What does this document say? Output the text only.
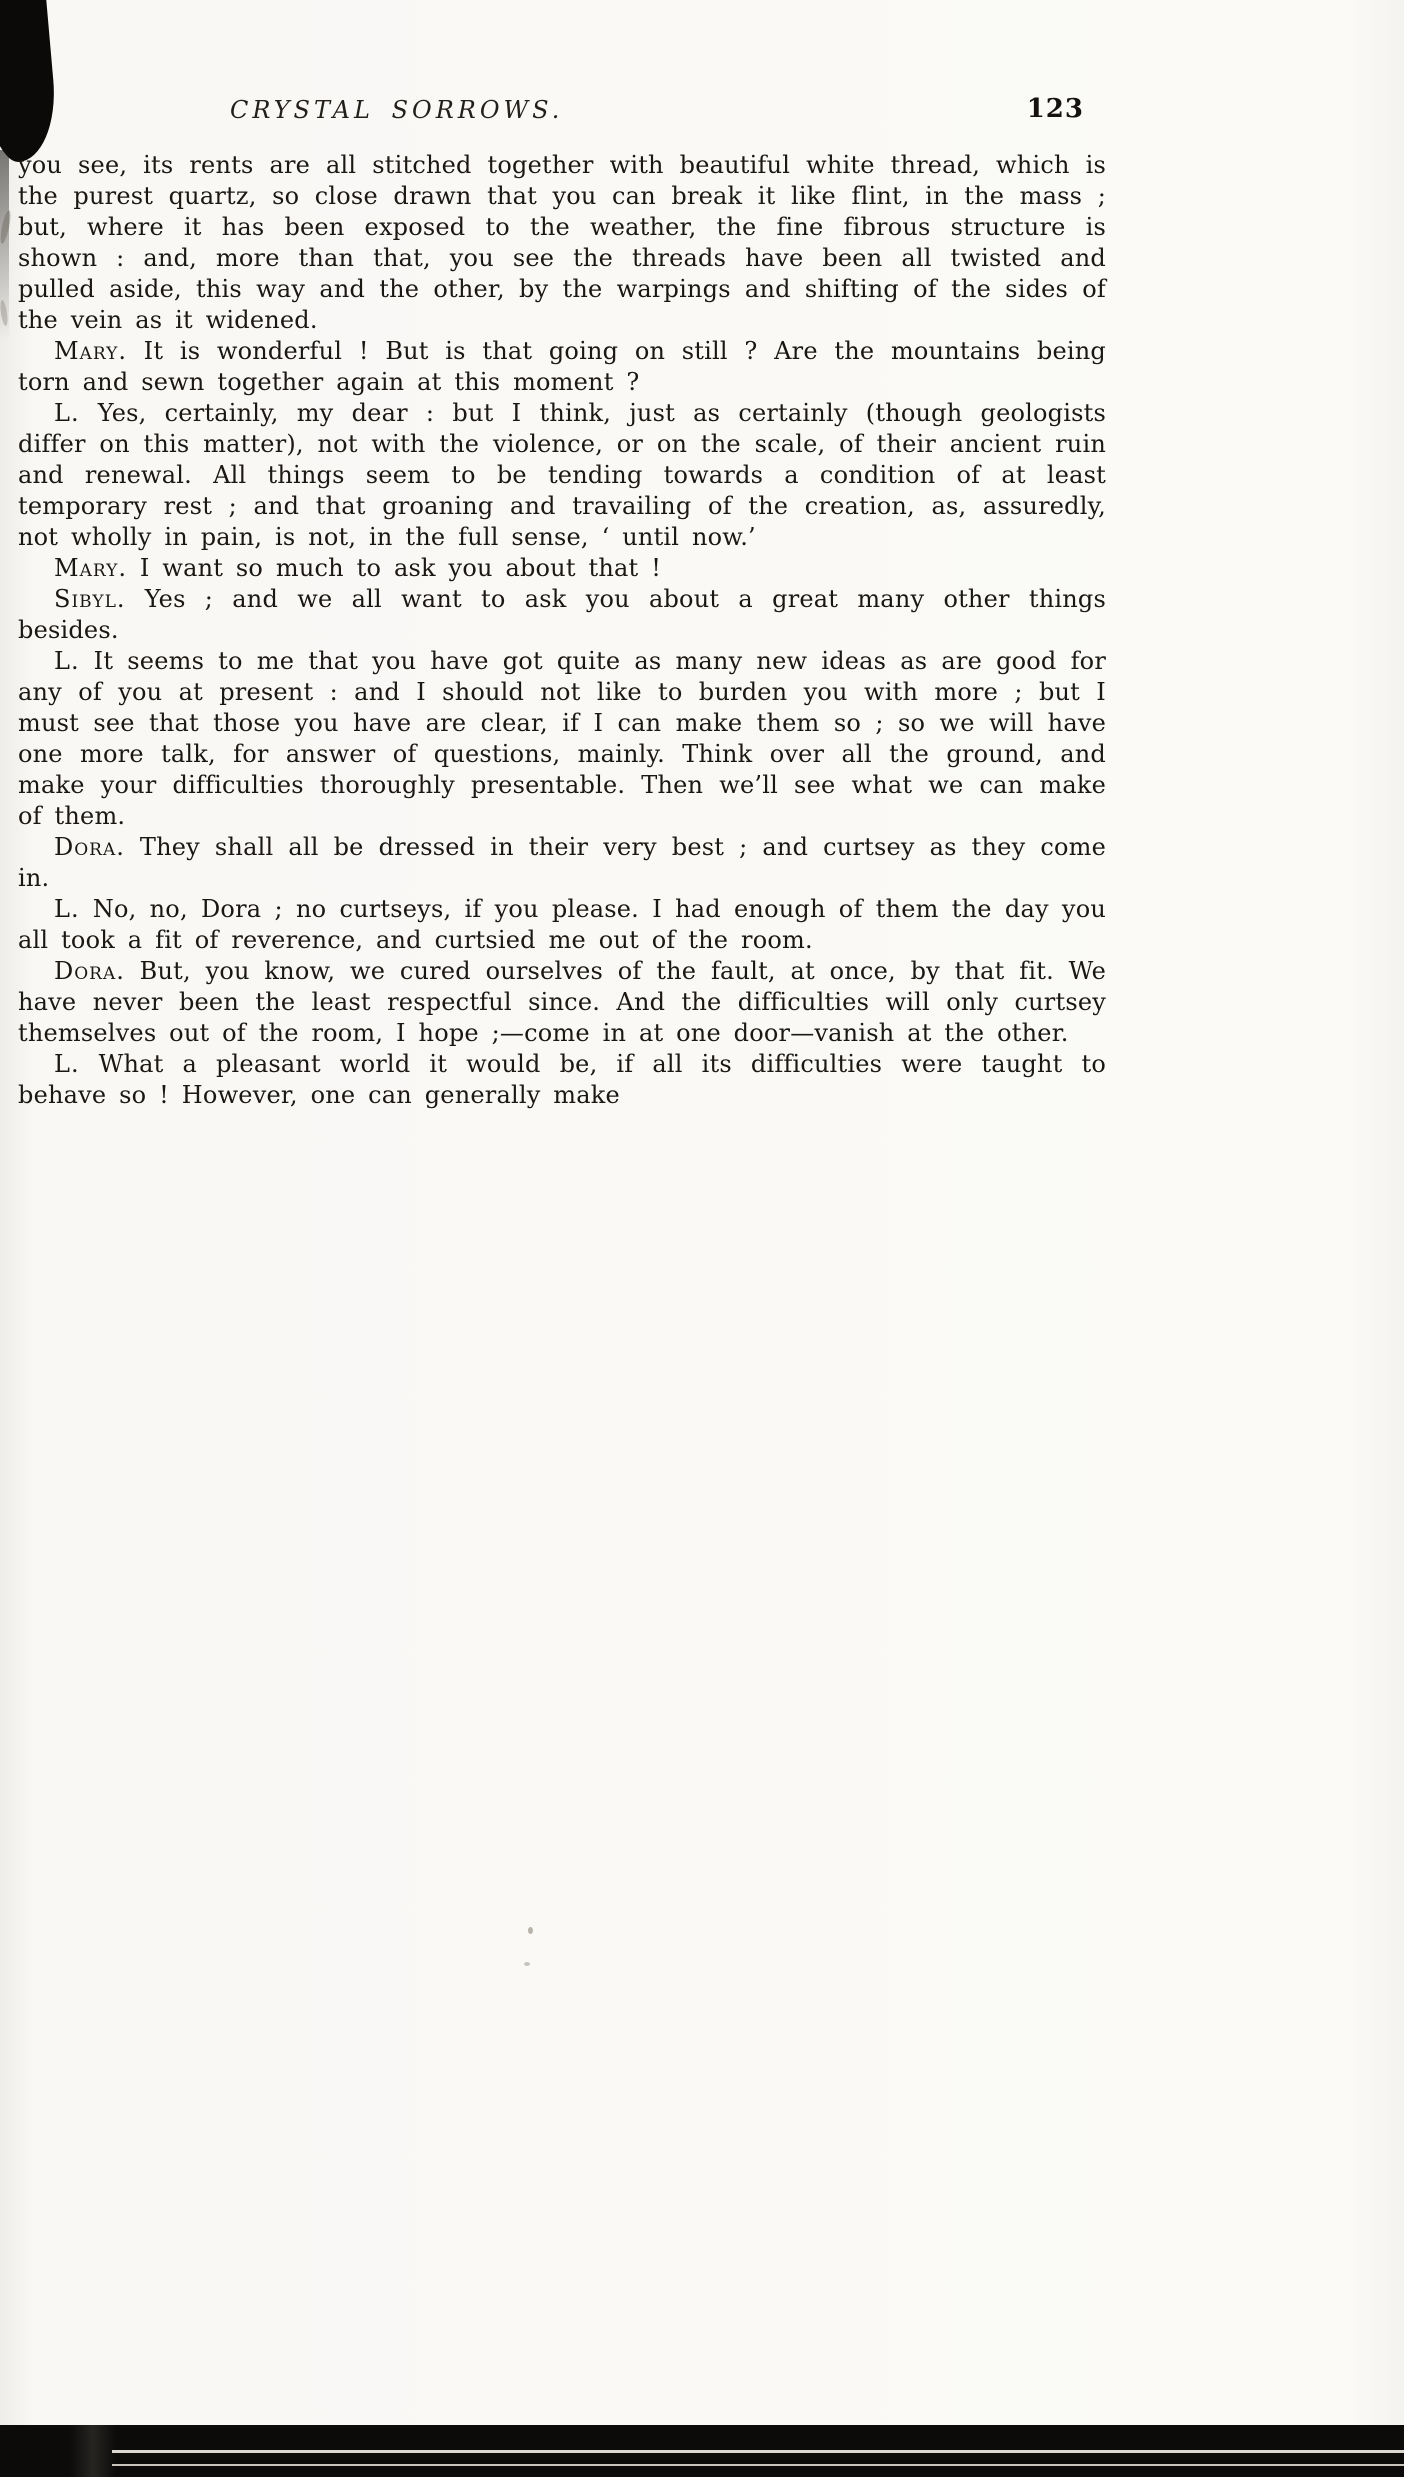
CRYSTAL SORROWS.	123

you see, its rents are all stitched together with beautiful white thread, which is the purest quartz, so close drawn that you can break it like flint, in the mass ; but, where it has been exposed to the weather, the fine fibrous structure is shown : and, more than that, you see the threads have been all twisted and pulled aside, this way and the other, by the warpings and shifting of the sides of the vein as it widened.

Mary. It is wonderful ! But is that going on still ? Are the mountains being torn and sewn together again at this moment ?

L. Yes, certainly, my dear : but I think, just as certainly (though geologists differ on this matter), not with the violence, or on the scale, of their ancient ruin and renewal. All things seem to be tending towards a condition of at least temporary rest ; and that groaning and travailing of the creation, as, assuredly, not wholly in pain, is not, in the full sense, ‘ until now.’

Mary. I want so much to ask you about that !

Sibyl. Yes ; and we all want to ask you about a great many other things besides.

L. It seems to me that you have got quite as many new ideas as are good for any of you at present : and I should not like to burden you with more ; but I must see that those you have are clear, if I can make them so ; so we will have one more talk, for answer of questions, mainly. Think over all the ground, and make your difficulties thoroughly presentable. Then we’ll see what we can make of them.

Dora. They shall all be dressed in their very best ; and curtsey as they come in.

L. No, no, Dora ; no curtseys, if you please. I had enough of them the day you all took a fit of reverence, and curtsied me out of the room.

Dora. But, you know, we cured ourselves of the fault, at once, by that fit. We have never been the least respectful since. And the difficulties will only curtsey themselves out of the room, I hope ;—come in at one door—vanish at the other.

L. What a pleasant world it would be, if all its difficulties were taught to behave so ! However, one can generally make
